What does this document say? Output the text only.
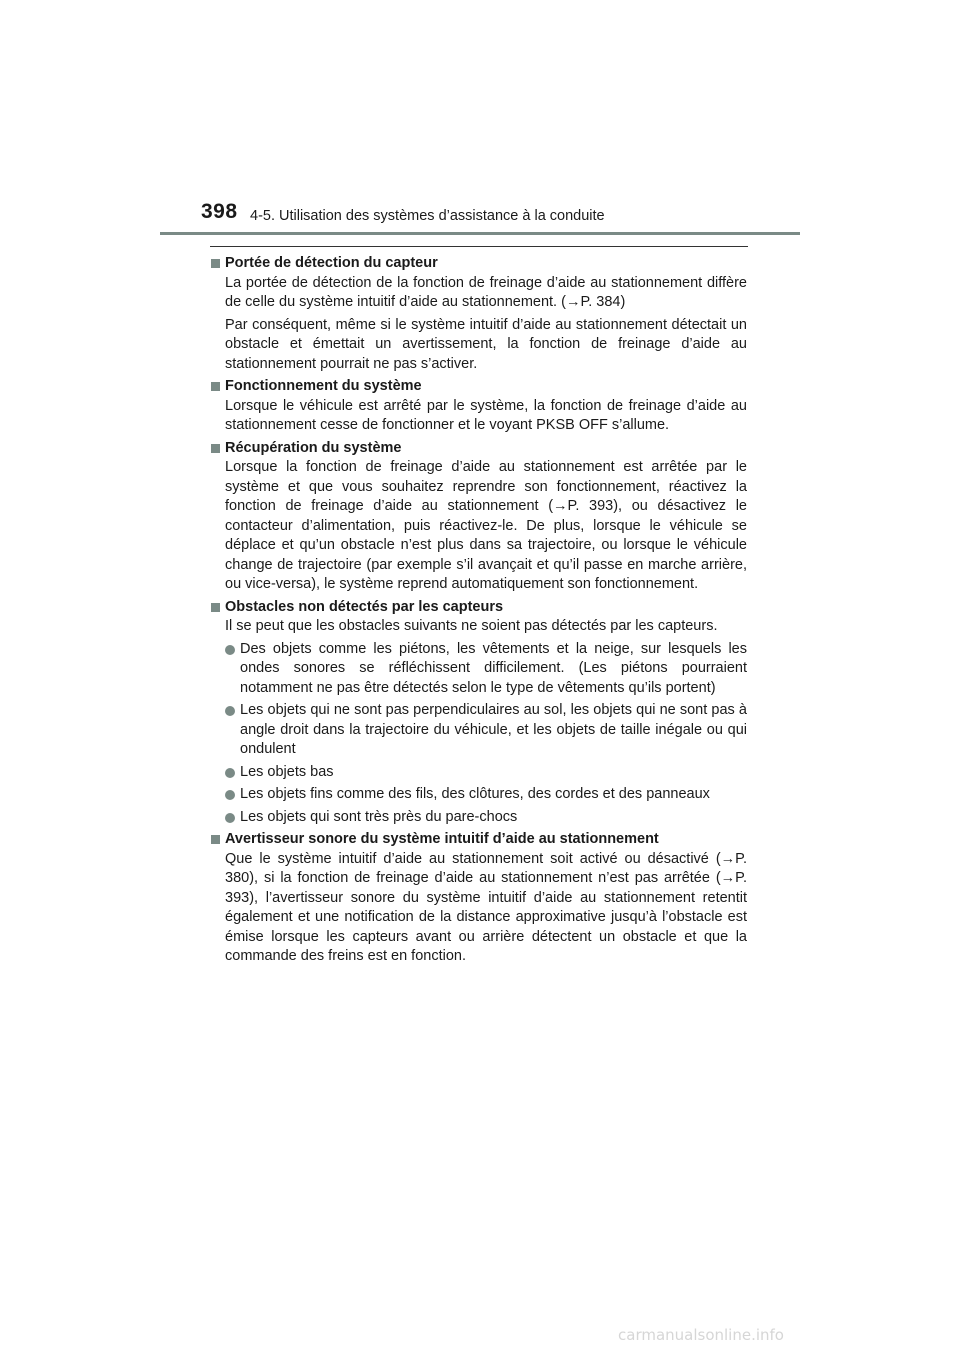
398 4-5. Utilisation des systèmes d’assistance à la conduite
Portée de détection du capteur
La portée de détection de la fonction de freinage d’aide au stationnement diffère de celle du système intuitif d’aide au stationnement. (→P. 384)
Par conséquent, même si le système intuitif d’aide au stationnement détectait un obstacle et émettait un avertissement, la fonction de freinage d’aide au stationnement pourrait ne pas s’activer.
Fonctionnement du système
Lorsque le véhicule est arrêté par le système, la fonction de freinage d’aide au stationnement cesse de fonctionner et le voyant PKSB OFF s’allume.
Récupération du système
Lorsque la fonction de freinage d’aide au stationnement est arrêtée par le système et que vous souhaitez reprendre son fonctionnement, réactivez la fonction de freinage d’aide au stationnement (→P. 393), ou désactivez le contacteur d’alimentation, puis réactivez-le. De plus, lorsque le véhicule se déplace et qu’un obstacle n’est plus dans sa trajectoire, ou lorsque le véhicule change de trajectoire (par exemple s’il avançait et qu’il passe en marche arrière, ou vice-versa), le système reprend automatiquement son fonctionnement.
Obstacles non détectés par les capteurs
Il se peut que les obstacles suivants ne soient pas détectés par les capteurs.
Des objets comme les piétons, les vêtements et la neige, sur lesquels les ondes sonores se réfléchissent difficilement. (Les piétons pourraient notamment ne pas être détectés selon le type de vêtements qu’ils portent)
Les objets qui ne sont pas perpendiculaires au sol, les objets qui ne sont pas à angle droit dans la trajectoire du véhicule, et les objets de taille inégale ou qui ondulent
Les objets bas
Les objets fins comme des fils, des clôtures, des cordes et des panneaux
Les objets qui sont très près du pare-chocs
Avertisseur sonore du système intuitif d’aide au stationnement
Que le système intuitif d’aide au stationnement soit activé ou désactivé (→P. 380), si la fonction de freinage d’aide au stationnement n’est pas arrêtée (→P. 393), l’avertisseur sonore du système intuitif d’aide au stationnement retentit également et une notification de la distance approximative jusqu’à l’obstacle est émise lorsque les capteurs avant ou arrière détectent un obstacle et que la commande des freins est en fonction.
carmanualsonline.info
